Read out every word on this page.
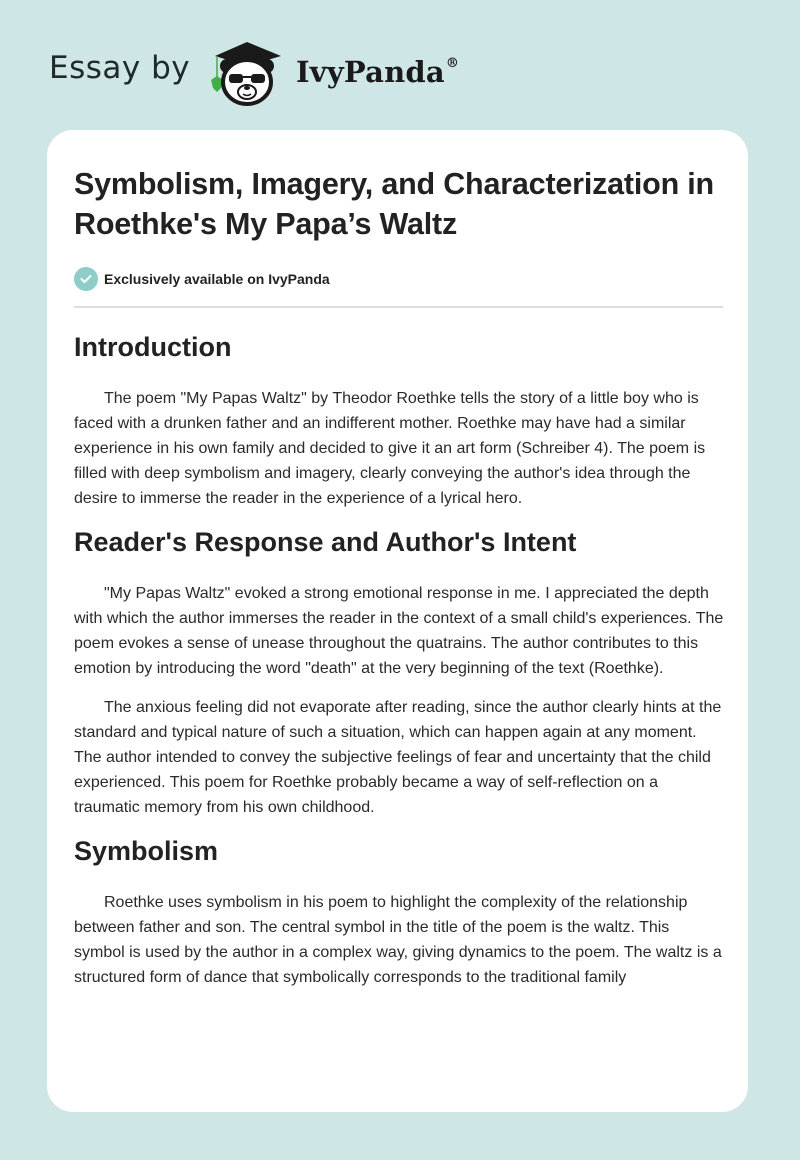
Essay by	IvyPanda®
Symbolism, Imagery, and Characterization in Roethke's My Papa’s Waltz
Exclusively available on IvyPanda
Introduction

The poem "My Papas Waltz" by Theodor Roethke tells the story of a little boy who is faced with a drunken father and an indifferent mother. Roethke may have had a similar experience in his own family and decided to give it an art form (Schreiber 4). The poem is filled with deep symbolism and imagery, clearly conveying the author's idea through the desire to immerse the reader in the experience of a lyrical hero.

Reader's Response and Author's Intent

"My Papas Waltz" evoked a strong emotional response in me. I appreciated the depth with which the author immerses the reader in the context of a small child's experiences. The poem evokes a sense of unease throughout the quatrains. The author contributes to this emotion by introducing the word "death" at the very beginning of the text (Roethke).

The anxious feeling did not evaporate after reading, since the author clearly hints at the standard and typical nature of such a situation, which can happen again at any moment. The author intended to convey the subjective feelings of fear and uncertainty that the child experienced. This poem for Roethke probably became a way of self-reflection on a traumatic memory from his own childhood.

Symbolism

Roethke uses symbolism in his poem to highlight the complexity of the relationship between father and son. The central symbol in the title of the poem is the waltz. This symbol is used by the author in a complex way, giving dynamics to the poem. The waltz is a structured form of dance that symbolically corresponds to the traditional family
